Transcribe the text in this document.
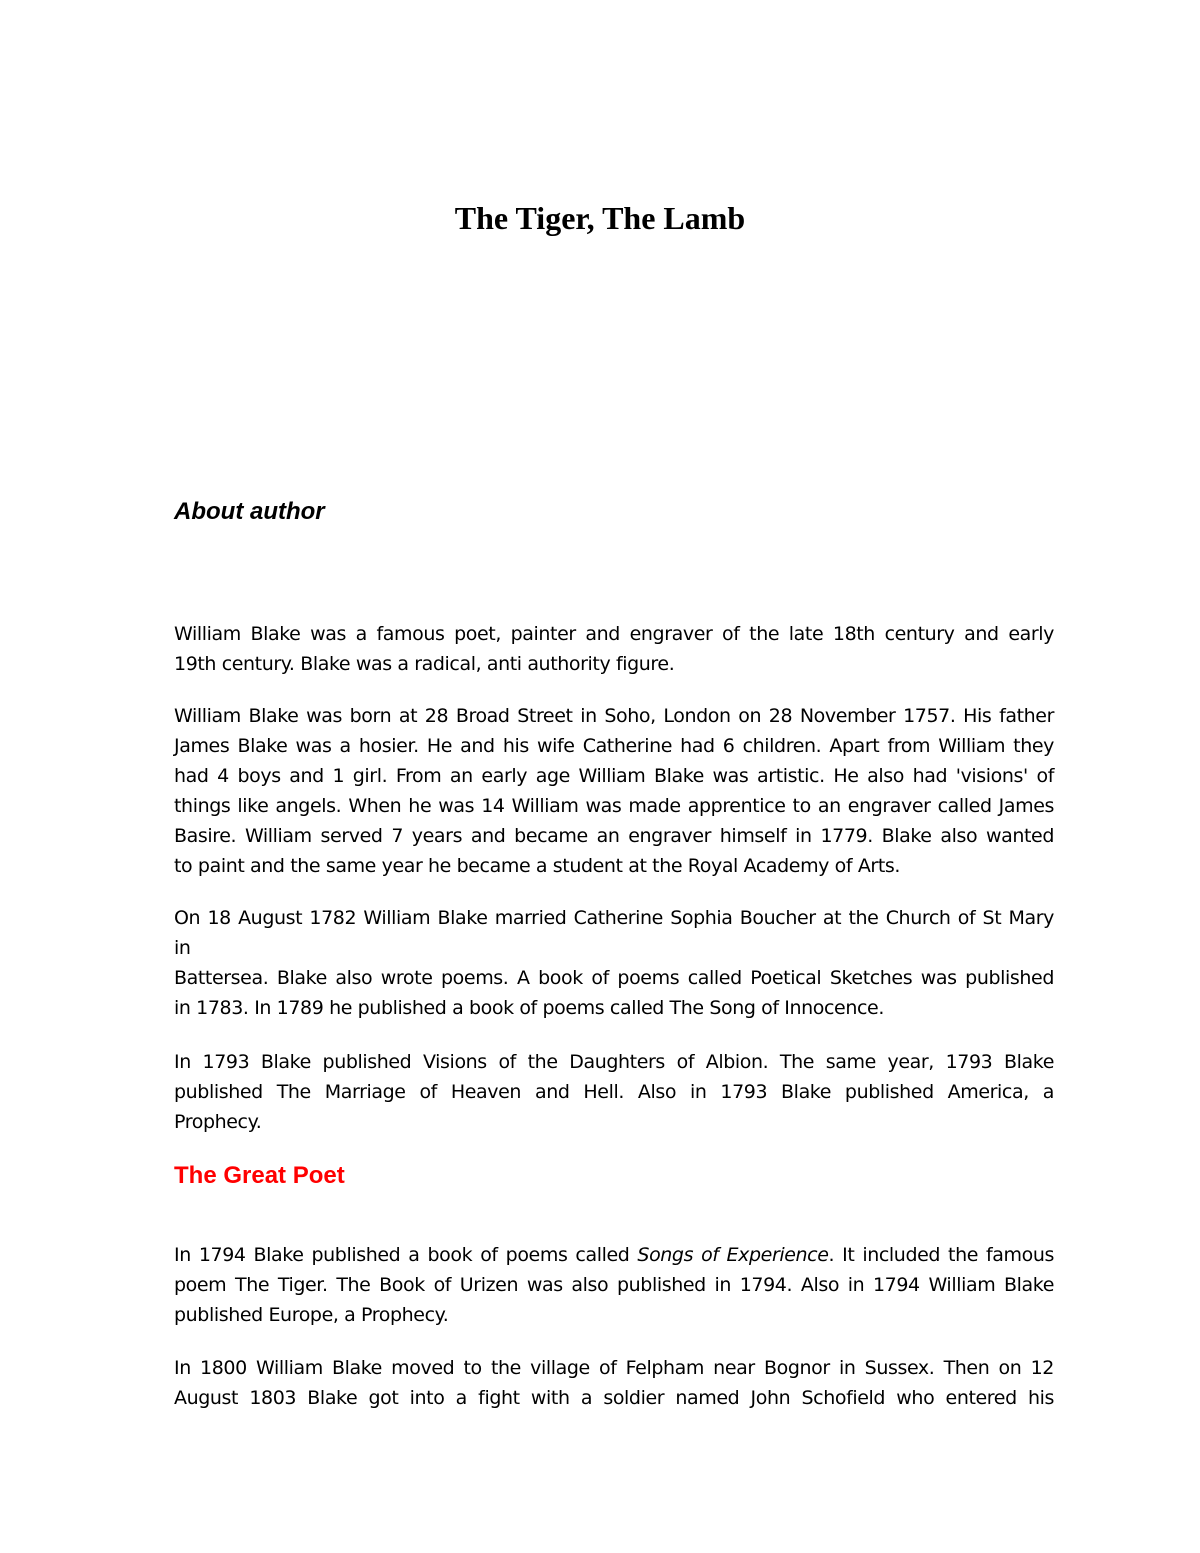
The Tiger, The Lamb
About author

William Blake was a famous poet, painter and engraver of the late 18th century and early
19th century. Blake was a radical, anti authority figure.

William Blake was born at 28 Broad Street in Soho, London on 28 November 1757. His father
James Blake was a hosier. He and his wife Catherine had 6 children. Apart from William they
had 4 boys and 1 girl. From an early age William Blake was artistic. He also had 'visions' of
things like angels. When he was 14 William was made apprentice to an engraver called James
Basire. William served 7 years and became an engraver himself in 1779. Blake also wanted
to paint and the same year he became a student at the Royal Academy of Arts.

On 18 August 1782 William Blake married Catherine Sophia Boucher at the Church of St Mary
in
Battersea. Blake also wrote poems. A book of poems called Poetical Sketches was published
in 1783. In 1789 he published a book of poems called The Song of Innocence.

In 1793 Blake published Visions of the Daughters of Albion. The same year, 1793 Blake
published The Marriage of Heaven and Hell. Also in 1793 Blake published America, a
Prophecy.

The Great Poet

In 1794 Blake published a book of poems called Songs of Experience. It included the famous
poem The Tiger. The Book of Urizen was also published in 1794. Also in 1794 William Blake
published Europe, a Prophecy.

In 1800 William Blake moved to the village of Felpham near Bognor in Sussex. Then on 12
August 1803 Blake got into a fight with a soldier named John Schofield who entered his
